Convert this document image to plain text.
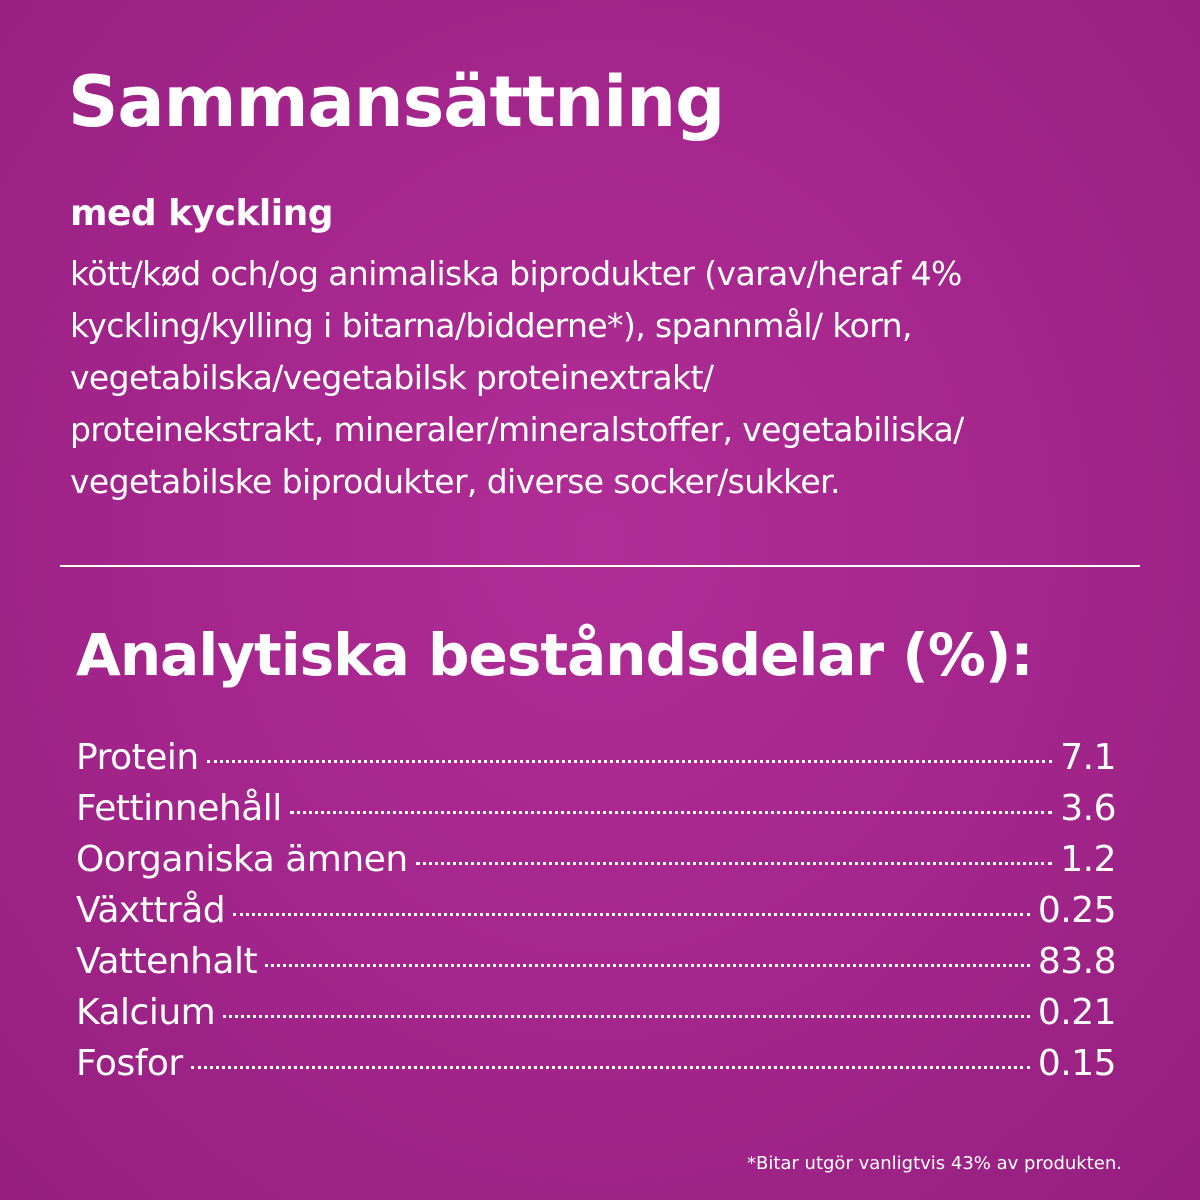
Sammansättning
med kyckling

kött/kød och/og animaliska biprodukter (varav/heraf 4%
kyckling/kylling i bitarna/bidderne*), spannmål/ korn,
vegetabilska/vegetabilsk proteinextrakt/
proteinekstrakt, mineraler/mineralstoffer, vegetabiliska/
vegetabilske biprodukter, diverse socker/sukker.

Analytiska beståndsdelar (%):
Protein	7.1
Fettinnehåll	3.6
Oorganiska ämnen	1.2
Växttråd	0.25
Vattenhalt	83.8
Kalcium	0.21
Fosfor	0.15

*Bitar utgör vanligtvis 43% av produkten.
